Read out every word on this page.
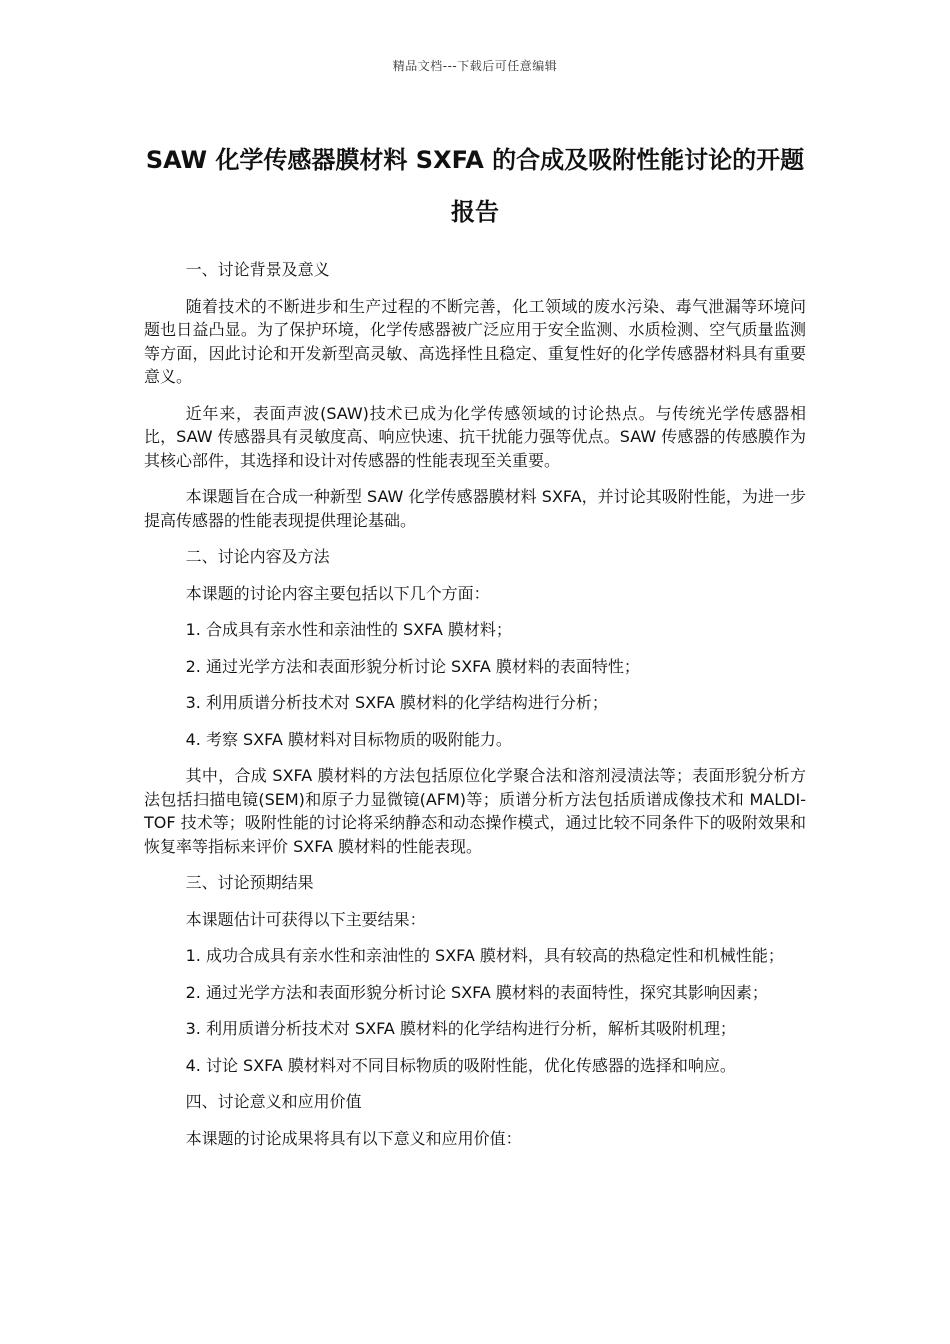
精品文档---下载后可任意编辑
SAW 化学传感器膜材料 SXFA 的合成及吸附性能讨论的开题报告

一、讨论背景及意义

随着技术的不断进步和生产过程的不断完善，化工领域的废水污染、毒气泄漏等环境问题也日益凸显。为了保护环境，化学传感器被广泛应用于安全监测、水质检测、空气质量监测等方面，因此讨论和开发新型高灵敏、高选择性且稳定、重复性好的化学传感器材料具有重要意义。

近年来，表面声波(SAW)技术已成为化学传感领域的讨论热点。与传统光学传感器相比，SAW 传感器具有灵敏度高、响应快速、抗干扰能力强等优点。SAW 传感器的传感膜作为其核心部件，其选择和设计对传感器的性能表现至关重要。

本课题旨在合成一种新型 SAW 化学传感器膜材料 SXFA，并讨论其吸附性能，为进一步提高传感器的性能表现提供理论基础。

二、讨论内容及方法

本课题的讨论内容主要包括以下几个方面：

1. 合成具有亲水性和亲油性的 SXFA 膜材料；

2. 通过光学方法和表面形貌分析讨论 SXFA 膜材料的表面特性；

3. 利用质谱分析技术对 SXFA 膜材料的化学结构进行分析；

4. 考察 SXFA 膜材料对目标物质的吸附能力。

其中，合成 SXFA 膜材料的方法包括原位化学聚合法和溶剂浸渍法等；表面形貌分析方法包括扫描电镜(SEM)和原子力显微镜(AFM)等；质谱分析方法包括质谱成像技术和 MALDI-TOF 技术等；吸附性能的讨论将采纳静态和动态操作模式，通过比较不同条件下的吸附效果和恢复率等指标来评价 SXFA 膜材料的性能表现。

三、讨论预期结果

本课题估计可获得以下主要结果：

1. 成功合成具有亲水性和亲油性的 SXFA 膜材料，具有较高的热稳定性和机械性能；

2. 通过光学方法和表面形貌分析讨论 SXFA 膜材料的表面特性，探究其影响因素；

3. 利用质谱分析技术对 SXFA 膜材料的化学结构进行分析，解析其吸附机理；

4. 讨论 SXFA 膜材料对不同目标物质的吸附性能，优化传感器的选择和响应。

四、讨论意义和应用价值

本课题的讨论成果将具有以下意义和应用价值：
